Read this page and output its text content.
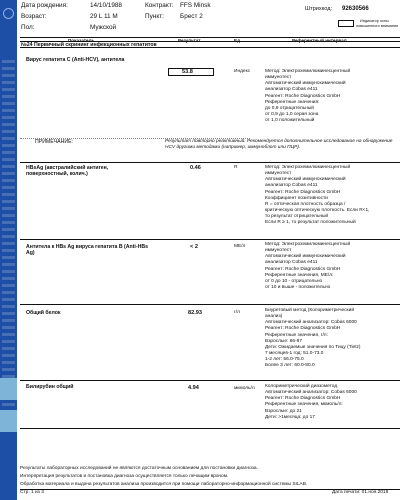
Дата рождения:	14/10/1988
Возраст:	29 L 11 M
Пол:	Мужской
Контракт: FFS Minsk
Пункт:	Брест 2
Штрихкод: 92630566
Индикатор зоны
повышенного внимания
Показатель	Результат	Ед.	Референтный интервал
№24 Первичный скрининг инфекционных гепатитов
Вирус гепатита С (Anti-HCV), антитела
53.8	Индекс	Метод: Электрохемилюминесцентный
иммунотест
Автоматический иммунохимический
анализатор Cobas e411
Реагент: Roche Diagnostics GmbH
Референтные значения:
до 0,9 отрицательный
от 0,9 до 1,0 серая зона
от 1,0 положительный
ПРИМЕЧАНИЕ:	Результат повторно реактивный. Рекомендуется дополнительное исследование на обнаружение HCV другими методами (например, иммуноблот или ПЦР).
HBsAg (австралийский антиген, поверхностный, колич.)
0.46	R	Метод: Электрохемилюминесцентный
иммунотест
Автоматический иммунохимический
анализатор Cobas e411
Реагент: Roche Diagnostics GmbH
Коэффициент позитивности
R = оптическая плотность образца /
критическую оптическую плотность. Если R<1,
то результат отрицательный
Если R ≥ 1, то результат положительный
Антитела к HBs Ag вируса гепатита В (Anti-HBs Ag)
< 2	МЕ/л	Метод: Электрохемилюминесцентный
иммунотест
Автоматический иммунохимический
анализатор Cobas e411
Реагент: Roche Diagnostics GmbH
Референтные значения, МЕ/л:
от 0 до 10 - отрицательно
от 10 и выше - положительно
Общий белок	82.93	г/л	Биуретовый метод (Колориметрический
анализ)
Автоматический анализатор: Cobas 6000
Реагент: Roche Diagnostics GmbH
Референтные значения, г/л:
Взрослые: 66-87
Дети: Ожидаемые значения по Тицу (Tietz)
7 месяцев-1 год: 51.0-73.0
1-2 лет: 56.0-75.0
Более 3 лет: 60.0-80.0
Билирубин общий	4.94	мкмоль/л Колориметрический диазометод
Автоматический анализатор: Cobas 6000
Реагент: Roche Diagnostics GmbH
Референтные значения, мкмоль/л:
Взрослые: до 21
Дети: >1месяца: до 17
Результаты лабораторных исследований не являются достаточным основанием для постановки диагноза.
Интерпретация результатов и постановка диагноза осуществляется только лечащим врачом.
Обработка материала и выдача результатов анализа производится при помощи лабораторно-информационной системы SILAB.
Стр. 1 из 3	Дата печати: 01.ноя.2018
